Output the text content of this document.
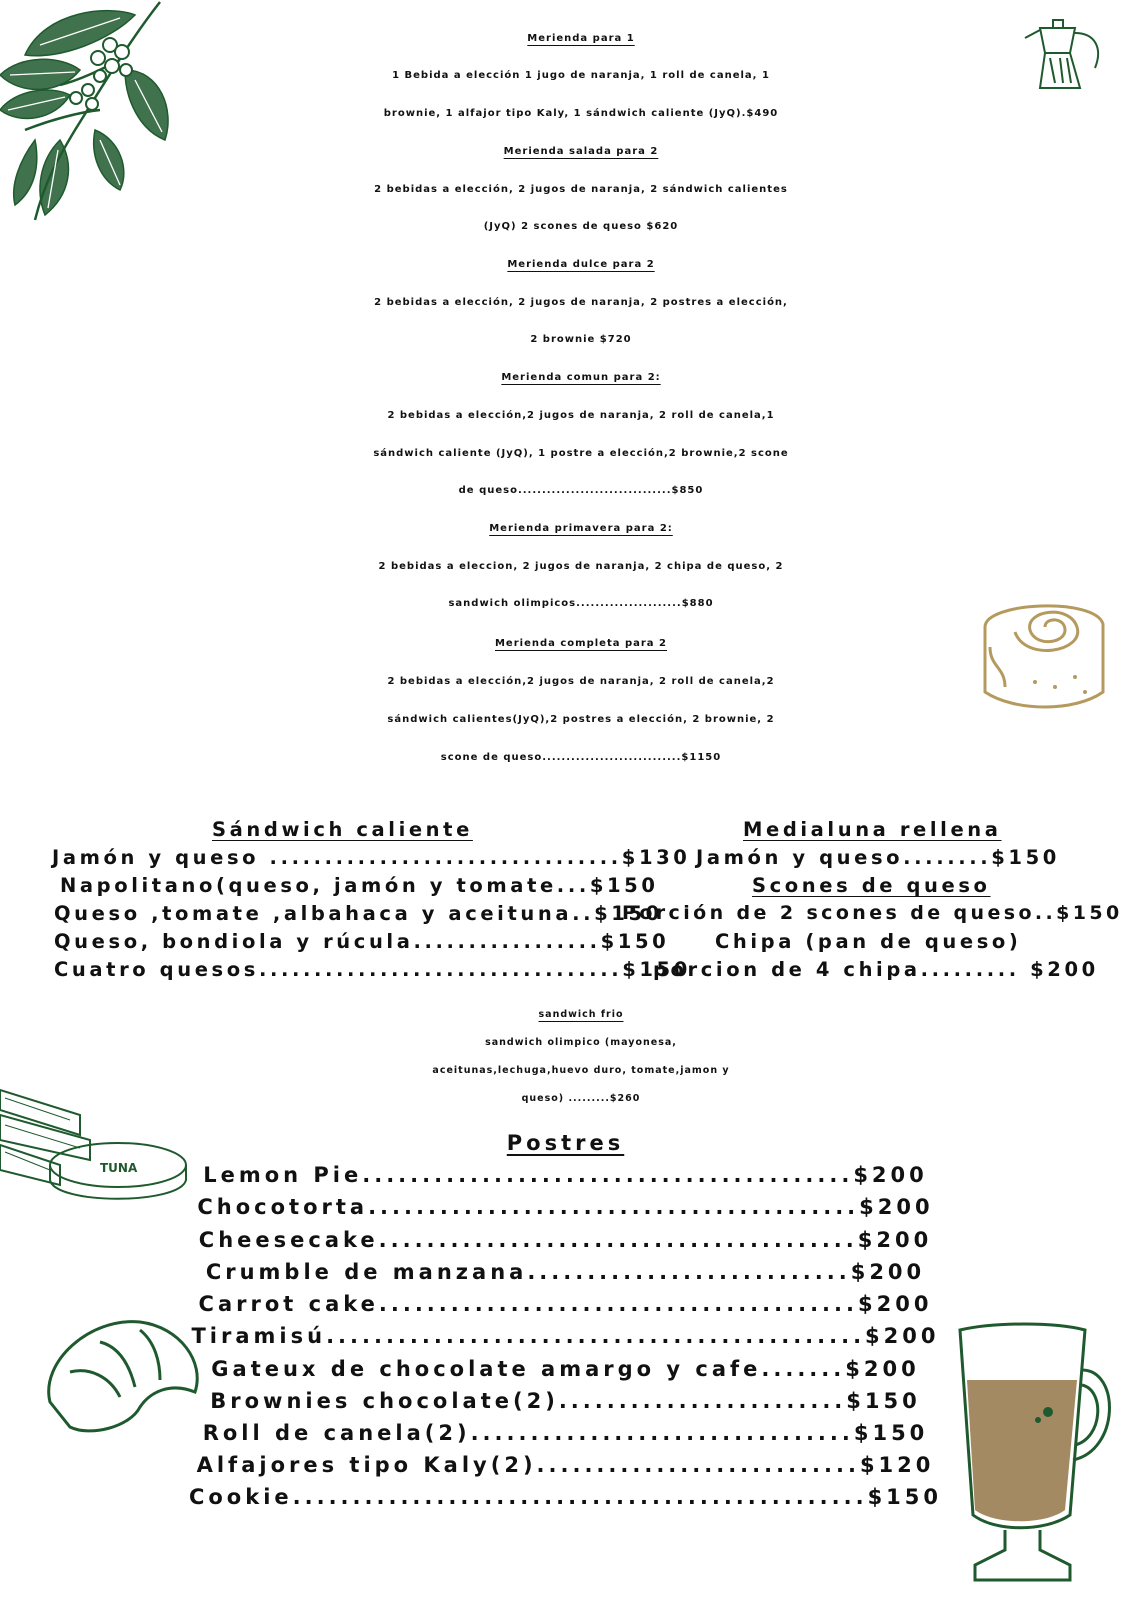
TUNA
Merienda para 1
1 Bebida a elección 1 jugo de naranja, 1 roll de canela, 1
brownie, 1 alfajor tipo Kaly, 1 sándwich caliente (JyQ).$490
Merienda salada para 2
2 bebidas a elección, 2 jugos de naranja, 2 sándwich calientes
(JyQ) 2 scones de queso $620
Merienda dulce para 2
2 bebidas a elección, 2 jugos de naranja, 2 postres a elección,
2 brownie $720
Merienda comun para 2:
2 bebidas a elección,2 jugos de naranja, 2 roll de canela,1
sándwich caliente (JyQ), 1 postre a elección,2 brownie,2 scone
de queso................................$850
Merienda primavera para 2:
2 bebidas a eleccion, 2 jugos de naranja, 2 chipa de queso, 2
sandwich olimpicos......................$880
Merienda completa para 2
2 bebidas a elección,2 jugos de naranja, 2 roll de canela,2
sándwich calientes(JyQ),2 postres a elección, 2 brownie, 2
scone de queso.............................$1150
Sándwich caliente
Jamón y queso ................................$130
Napolitano(queso, jamón y tomate...$150
Queso ,tomate ,albahaca y aceituna..$150
Queso, bondiola y rúcula.................$150
Cuatro quesos.................................$150
Medialuna rellena
Jamón y queso........$150
Scones de queso
Porción de 2 scones de queso..$150
Chipa (pan de queso)
porcion de 4 chipa......... $200
sandwich frio
sandwich olimpico (mayonesa,
aceitunas,lechuga,huevo duro, tomate,jamon y
queso) .........$260
Postres
Lemon Pie.........................................$200
Chocotorta.........................................$200
Cheesecake........................................$200
Crumble de manzana...........................$200
Carrot cake........................................$200
Tiramisú.............................................$200
Gateux de chocolate amargo y cafe.......$200
Brownies chocolate(2)........................$150
Roll de canela(2)................................$150
Alfajores tipo Kaly(2)...........................$120
Cookie................................................$150
